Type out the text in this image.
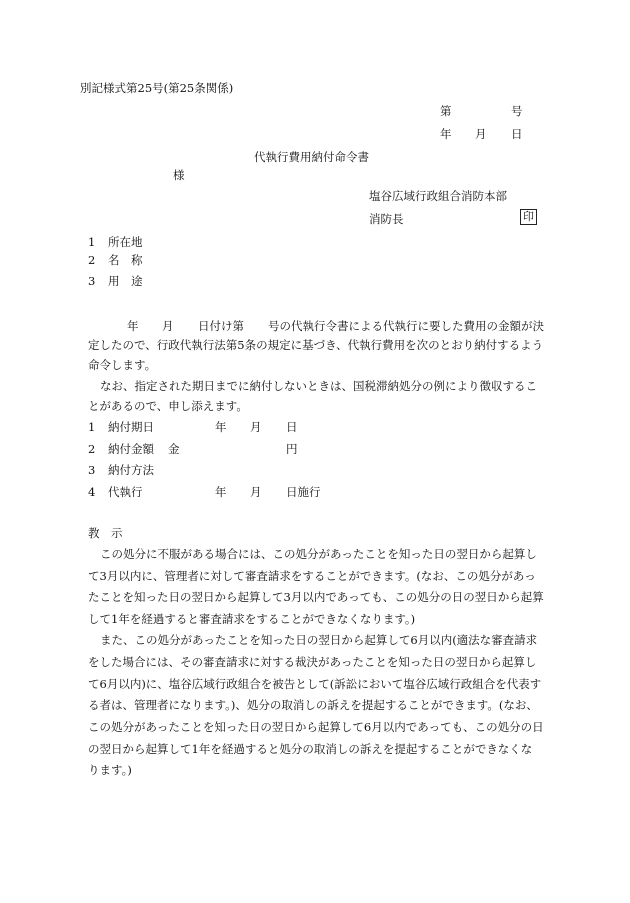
別記様式第25号(第25条関係)
第	号
年 月 日
代執行費用納付命令書
様
塩谷広域行政組合消防本部
消防長	印
1 所在地
2 名　称
3 用　途
年 月 日付け第 号の代執行令書による代執行に要した費用の金額が決
定したので、行政代執行法第5条の規定に基づき、代執行費用を次のとおり納付するよう
命令します。
なお、指定された期日までに納付しないときは、国税滞納処分の例により徴収するこ
とがあるので、申し添えます。
1 納付期日	年 月 日
2 納付金額 金	円
3 納付方法
4 代執行	年 月 日施行
教　示
この処分に不服がある場合には、この処分があったことを知った日の翌日から起算し
て3月以内に、管理者に対して審査請求をすることができます。(なお、この処分があっ
たことを知った日の翌日から起算して3月以内であっても、この処分の日の翌日から起算
して1年を経過すると審査請求をすることができなくなります。)
また、この処分があったことを知った日の翌日から起算して6月以内(適法な審査請求
をした場合には、その審査請求に対する裁決があったことを知った日の翌日から起算し
て6月以内)に、塩谷広域行政組合を被告として(訴訟において塩谷広域行政組合を代表す
る者は、管理者になります。)、処分の取消しの訴えを提起することができます。(なお、
この処分があったことを知った日の翌日から起算して6月以内であっても、この処分の日
の翌日から起算して1年を経過すると処分の取消しの訴えを提起することができなくな
ります。)
